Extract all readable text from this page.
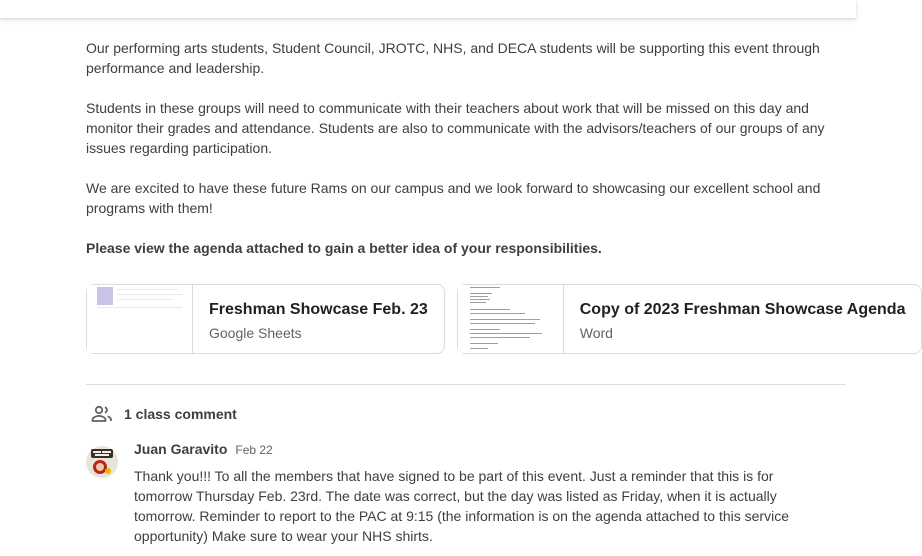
Our performing arts students, Student Council, JROTC, NHS, and DECA students will be supporting this event through performance and leadership.

Students in these groups will need to communicate with their teachers about work that will be missed on this day and monitor their grades and attendance. Students are also to communicate with the advisors/teachers of our groups of any issues regarding participation.

We are excited to have these future Rams on our campus and we look forward to showcasing our excellent school and programs with them!

Please view the agenda attached to gain a better idea of your responsibilities.

Freshman Showcase Feb. 23
Google Sheets
Copy of 2023 Freshman Showcase Agenda
Word
1 class comment
Juan Garavito Feb 22
Thank you!!! To all the members that have signed to be part of this event. Just a reminder that this is for tomorrow Thursday Feb. 23rd. The date was correct, but the day was listed as Friday, when it is actually tomorrow. Reminder to report to the PAC at 9:15 (the information is on the agenda attached to this service opportunity) Make sure to wear your NHS shirts.
